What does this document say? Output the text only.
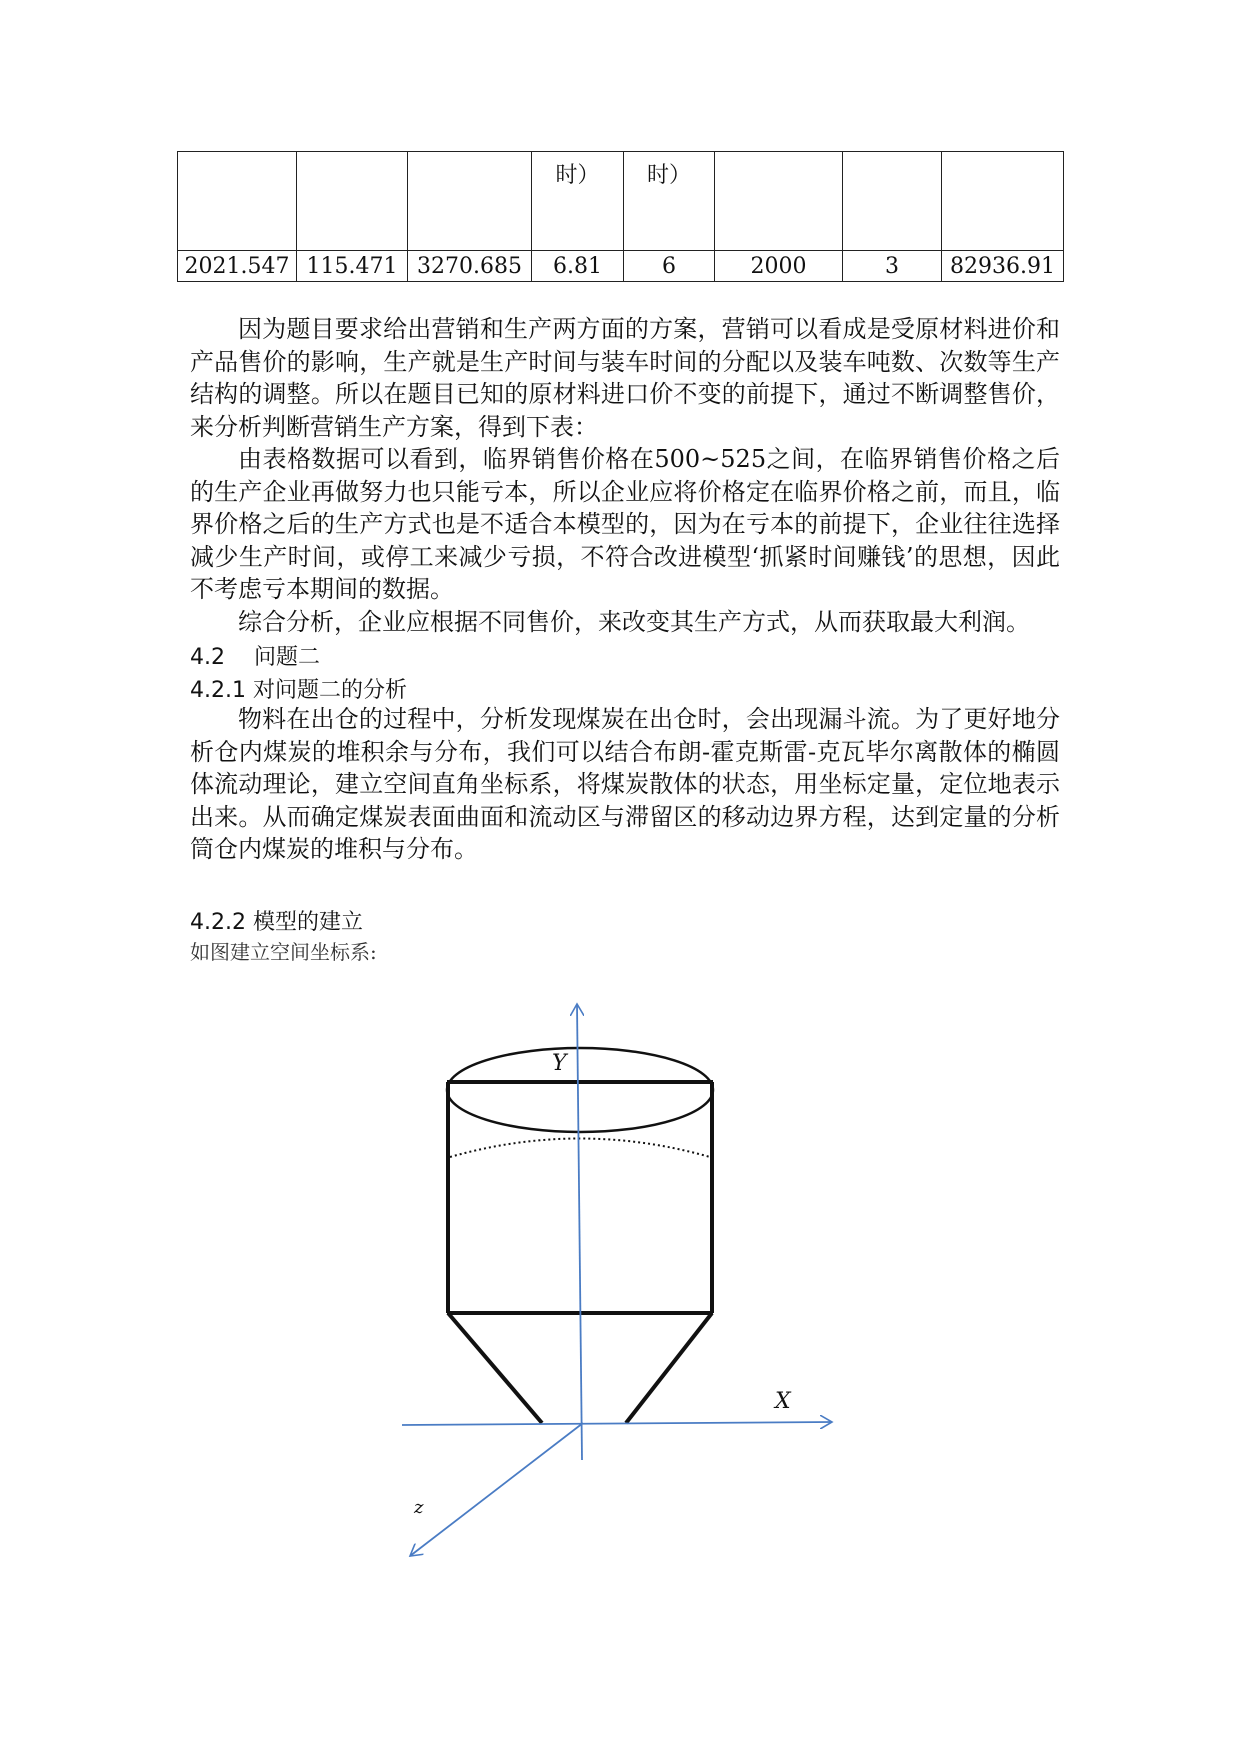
			时）	时）			
2021.547	115.471	3270.685	6.81	6	2000	3	82936.91

因为题目要求给出营销和生产两方面的方案，营销可以看成是受原材料进价和产品售价的影响，生产就是生产时间与装车时间的分配以及装车吨数、次数等生产结构的调整。所以在题目已知的原材料进口价不变的前提下，通过不断调整售价，来分析判断营销生产方案，得到下表：

由表格数据可以看到，临界销售价格在500~525之间，在临界销售价格之后的生产企业再做努力也只能亏本，所以企业应将价格定在临界价格之前，而且，临界价格之后的生产方式也是不适合本模型的，因为在亏本的前提下，企业往往选择减少生产时间，或停工来减少亏损，不符合改进模型‘抓紧时间赚钱’的思想，因此不考虑亏本期间的数据。

综合分析，企业应根据不同售价，来改变其生产方式，从而获取最大利润。

4.2　 问题二
4.2.1 对问题二的分析

物料在出仓的过程中，分析发现煤炭在出仓时，会出现漏斗流。为了更好地分析仓内煤炭的堆积余与分布，我们可以结合布朗-霍克斯雷-克瓦毕尔离散体的椭圆体流动理论，建立空间直角坐标系，将煤炭散体的状态，用坐标定量，定位地表示出来。从而确定煤炭表面曲面和流动区与滞留区的移动边界方程，达到定量的分析筒仓内煤炭的堆积与分布。

4.2.2 模型的建立
如图建立空间坐标系:
Y
X
z
